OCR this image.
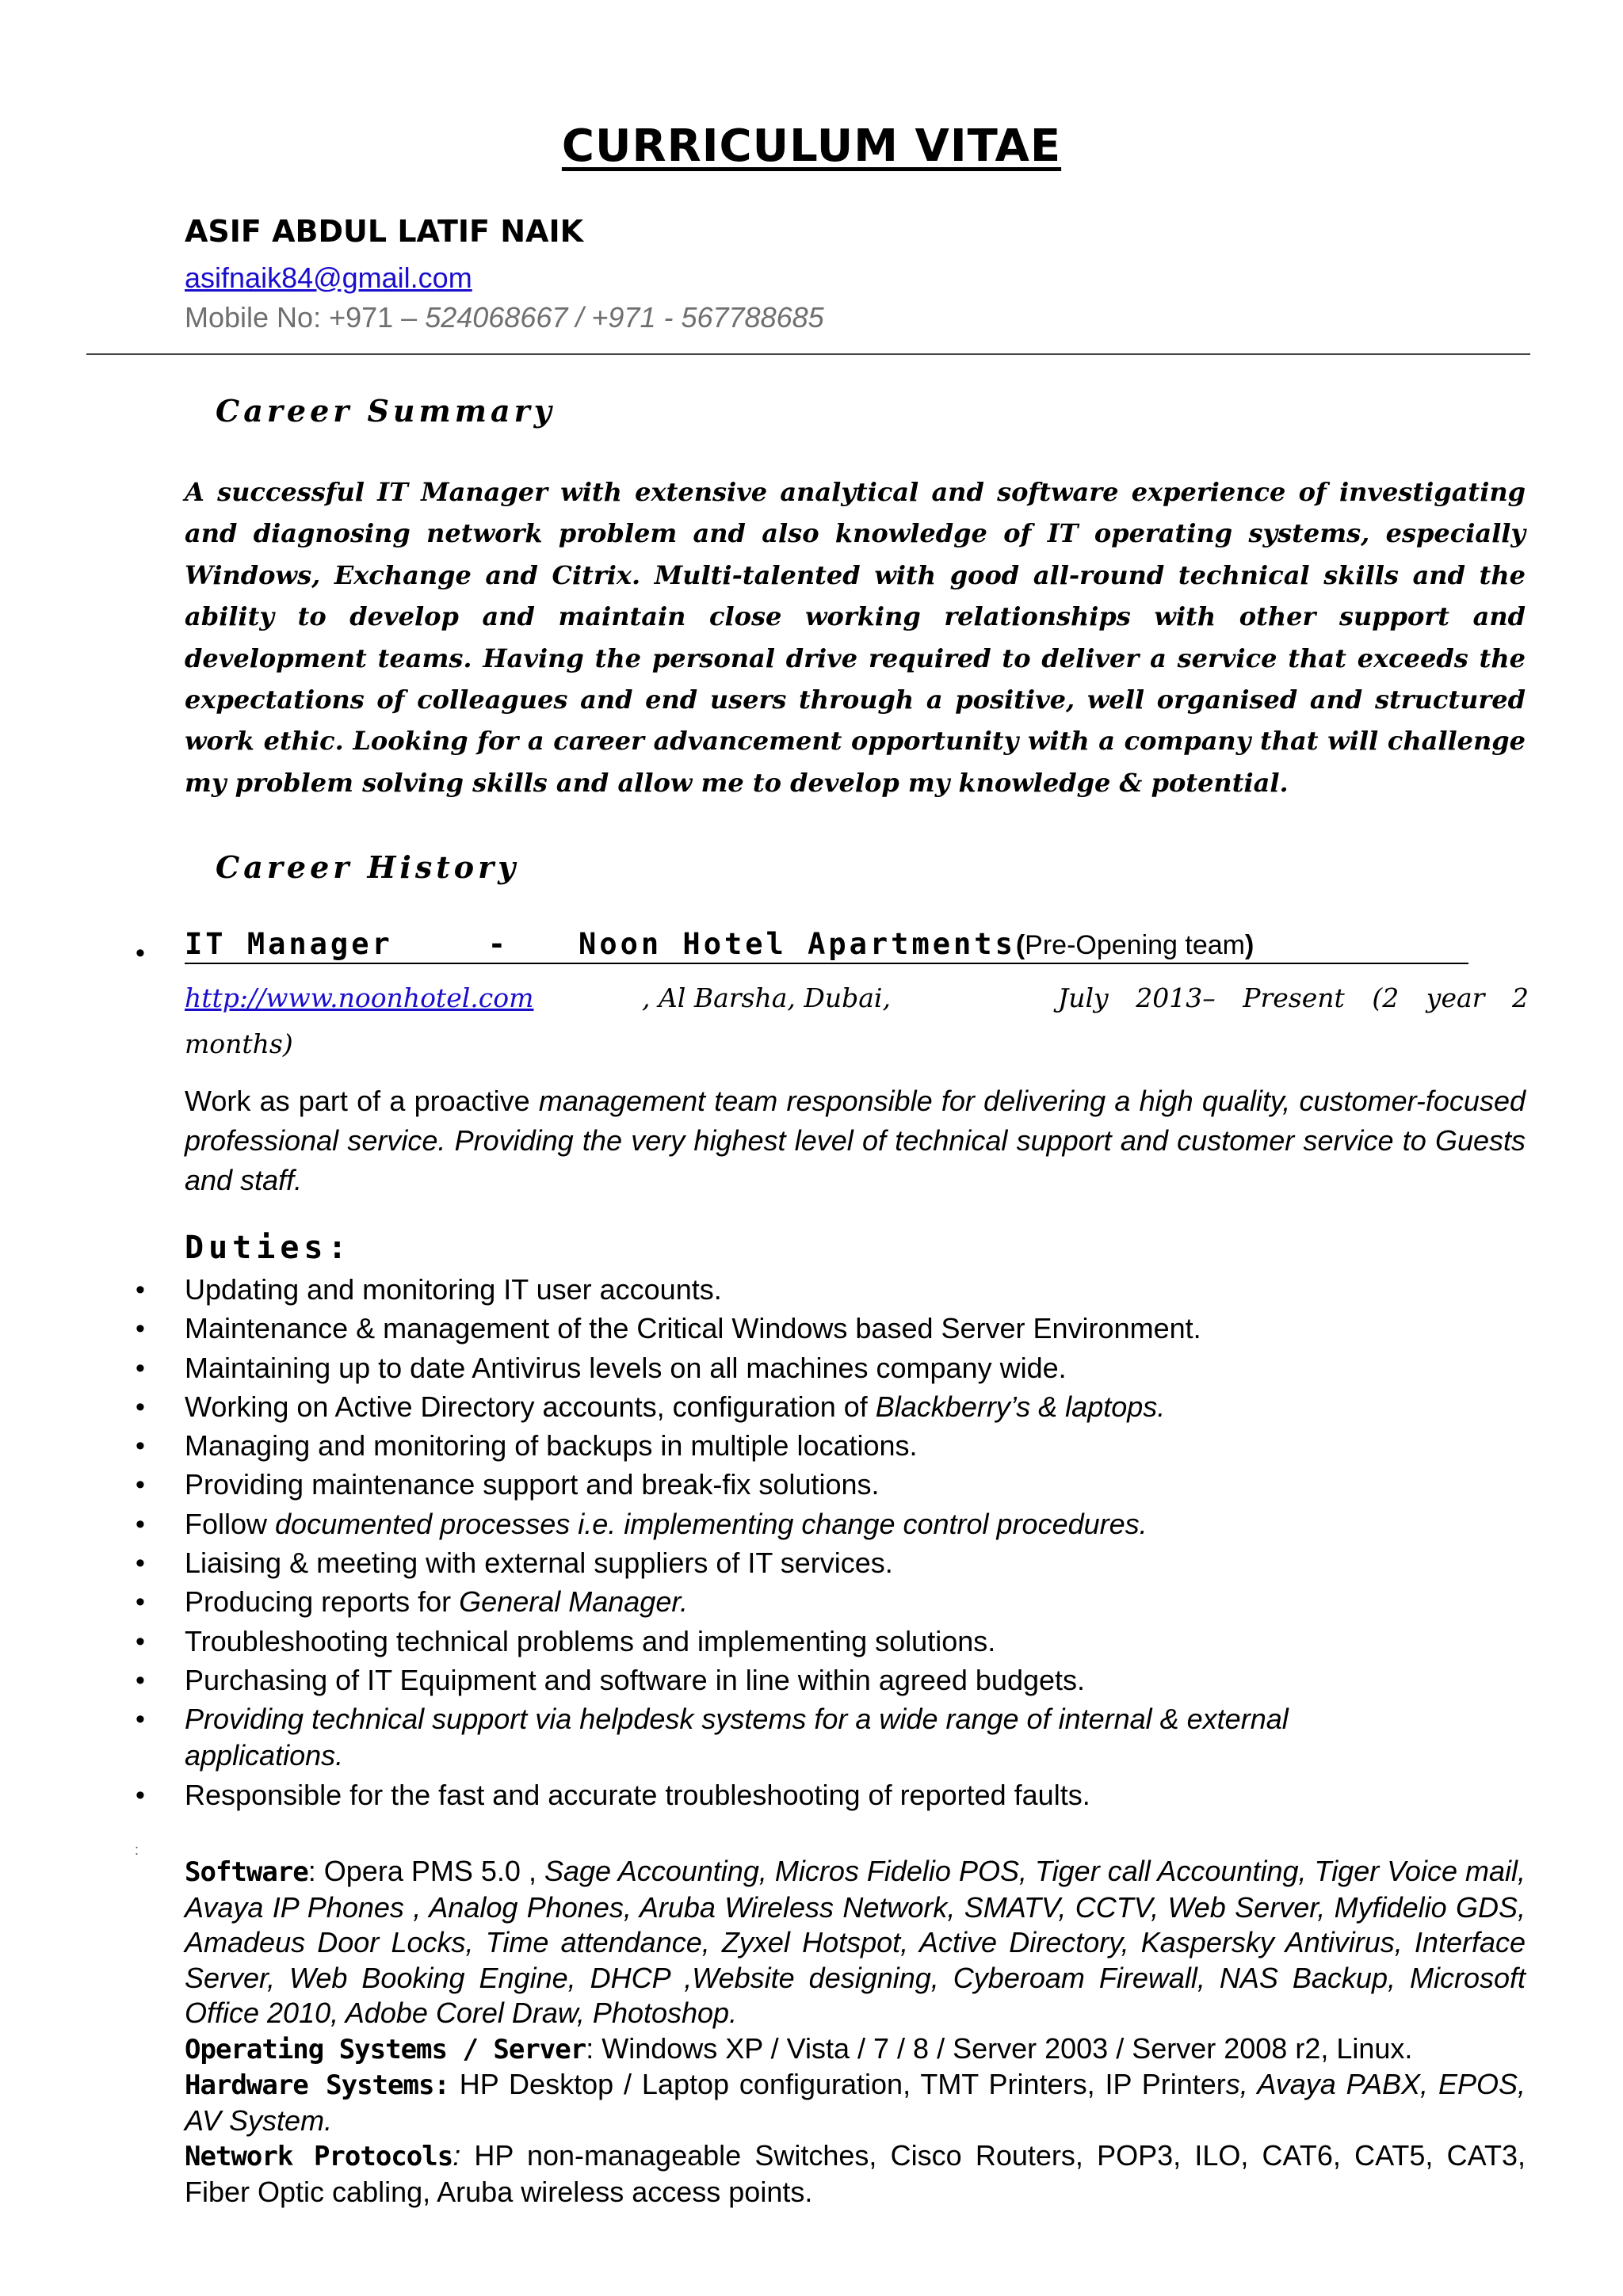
CURRICULUM VITAE
ASIF ABDUL LATIF NAIK
asifnaik84@gmail.com
Mobile No: +971 – 524068667 / +971 - 567788685
Career Summary

A successful IT Manager with extensive analytical and software experience of investigating and diagnosing network problem and also knowledge of IT operating systems, especially Windows, Exchange and Citrix. Multi-talented with good all-round technical skills and the ability to develop and maintain close working relationships with other support and development teams. Having the personal drive required to deliver a service that exceeds the expectations of colleagues and end users through a positive, well organised and structured work ethic. Looking for a career advancement opportunity with a company that will challenge my problem solving skills and allow me to develop my knowledge & potential.

Career History
• IT Manager	- Noon Hotel Apartments(Pre-Opening team)
http://www.noonhotel.com	, Al Barsha, Dubai,	July 2013– Present (2 year 2
months)

Work as part of a proactive management team responsible for delivering a high quality, customer-focused professional service. Providing the very highest level of technical support and customer service to Guests and staff.

Duties:
• Updating and monitoring IT user accounts.
• Maintenance & management of the Critical Windows based Server Environment.
• Maintaining up to date Antivirus levels on all machines company wide.
• Working on Active Directory accounts, configuration of Blackberry’s & laptops.
• Managing and monitoring of backups in multiple locations.
• Providing maintenance support and break-fix solutions.
• Follow documented processes i.e. implementing change control procedures.
• Liaising & meeting with external suppliers of IT services.
• Producing reports for General Manager.
• Troubleshooting technical problems and implementing solutions.
• Purchasing of IT Equipment and software in line within agreed budgets.
• Providing technical support via helpdesk systems for a wide range of internal & external applications.
• Responsible for the fast and accurate troubleshooting of reported faults.
:

Software: Opera PMS 5.0 , Sage Accounting, Micros Fidelio POS, Tiger call Accounting, Tiger Voice mail, Avaya IP Phones , Analog Phones, Aruba Wireless Network, SMATV, CCTV, Web Server, Myfidelio GDS, Amadeus Door Locks, Time attendance, Zyxel Hotspot, Active Directory, Kaspersky Antivirus, Interface Server, Web Booking Engine, DHCP ,Website designing, Cyberoam Firewall, NAS Backup, Microsoft Office 2010, Adobe Corel Draw, Photoshop.

Operating Systems / Server: Windows XP / Vista / 7 / 8 / Server 2003 / Server 2008 r2, Linux.

Hardware Systems: HP Desktop / Laptop configuration, TMT Printers, IP Printers, Avaya PABX, EPOS, AV System.

Network Protocols: HP non-manageable Switches, Cisco Routers, POP3, ILO, CAT6, CAT5, CAT3, Fiber Optic cabling, Aruba wireless access points.
